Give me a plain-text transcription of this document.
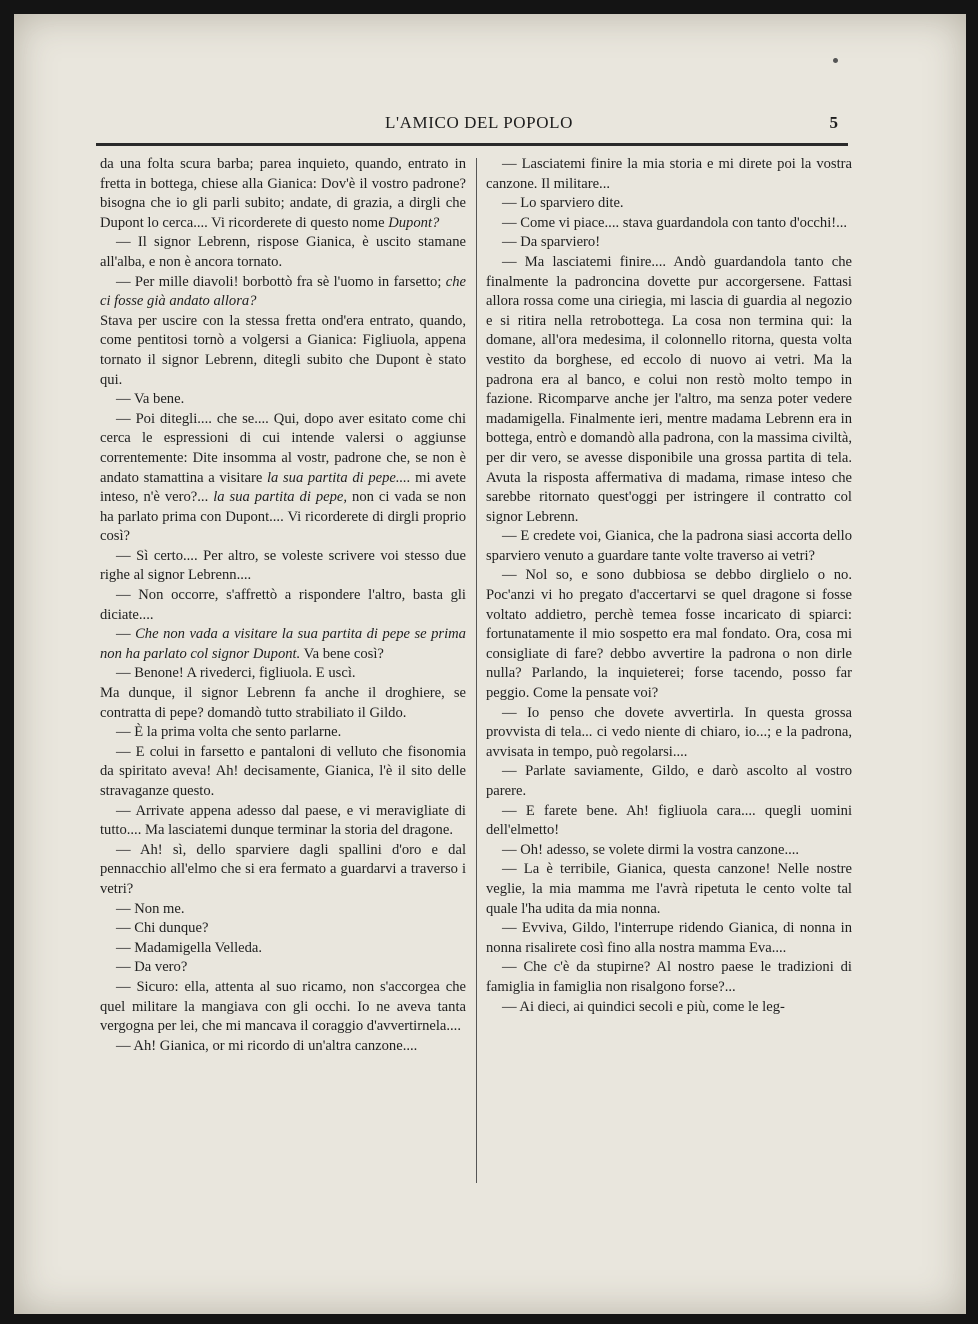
L'AMICO DEL POPOLO	5

da una folta scura barba; parea inquieto, quando, entrato in fretta in bottega, chiese alla Gianica: Dov'è il vostro padrone? bisogna che io gli parli subito; andate, di grazia, a dirgli che Dupont lo cerca.... Vi ricorderete di questo nome Dupont?

— Il signor Lebrenn, rispose Gianica, è uscito stamane all'alba, e non è ancora tornato.

— Per mille diavoli! borbottò fra sè l'uomo in farsetto; che ci fosse già andato allora?

Stava per uscire con la stessa fretta ond'era entrato, quando, come pentitosi tornò a volgersi a Gianica: Figliuola, appena tornato il signor Lebrenn, ditegli subito che Dupont è stato qui.

— Va bene.

— Poi ditegli.... che se.... Qui, dopo aver esitato come chi cerca le espressioni di cui intende valersi o aggiunse correntemente: Dite insomma al vostr, padrone che, se non è andato stamattina a visitare la sua partita di pepe.... mi avete inteso, n'è vero?... la sua partita di pepe, non ci vada se non ha parlato prima con Dupont.... Vi ricorderete di dirgli proprio così?

— Sì certo.... Per altro, se voleste scrivere voi stesso due righe al signor Lebrenn....

— Non occorre, s'affrettò a rispondere l'altro, basta gli diciate....

— Che non vada a visitare la sua partita di pepe se prima non ha parlato col signor Dupont. Va bene così?

— Benone! A rivederci, figliuola. E uscì.

Ma dunque, il signor Lebrenn fa anche il droghiere, se contratta di pepe? domandò tutto strabiliato il Gildo.

— È la prima volta che sento parlarne.

— E colui in farsetto e pantaloni di velluto che fisonomia da spiritato aveva! Ah! decisamente, Gianica, l'è il sito delle stravaganze questo.

— Arrivate appena adesso dal paese, e vi meravigliate di tutto.... Ma lasciatemi dunque terminar la storia del dragone.

— Ah! sì, dello sparviere dagli spallini d'oro e dal pennacchio all'elmo che si era fermato a guardarvi a traverso i vetri?

— Non me.

— Chi dunque?

— Madamigella Velleda.

— Da vero?

— Sicuro: ella, attenta al suo ricamo, non s'accorgea che quel militare la mangiava con gli occhi. Io ne aveva tanta vergogna per lei, che mi mancava il coraggio d'avvertirnela....

— Ah! Gianica, or mi ricordo di un'altra canzone....

— Lasciatemi finire la mia storia e mi direte poi la vostra canzone. Il militare...

— Lo sparviero dite.

— Come vi piace.... stava guardandola con tanto d'occhi!...

— Da sparviero!

— Ma lasciatemi finire.... Andò guardandola tanto che finalmente la padroncina dovette pur accorgersene. Fattasi allora rossa come una ciriegia, mi lascia di guardia al negozio e si ritira nella retrobottega. La cosa non termina qui: la domane, all'ora medesima, il colonnello ritorna, questa volta vestito da borghese, ed eccolo di nuovo ai vetri. Ma la padrona era al banco, e colui non restò molto tempo in fazione. Ricomparve anche jer l'altro, ma senza poter vedere madamigella. Finalmente ieri, mentre madama Lebrenn era in bottega, entrò e domandò alla padrona, con la massima civiltà, per dir vero, se avesse disponibile una grossa partita di tela. Avuta la risposta affermativa di madama, rimase inteso che sarebbe ritornato quest'oggi per istringere il contratto col signor Lebrenn.

— E credete voi, Gianica, che la padrona siasi accorta dello sparviero venuto a guardare tante volte traverso ai vetri?

— Nol so, e sono dubbiosa se debbo dirglielo o no. Poc'anzi vi ho pregato d'accertarvi se quel dragone si fosse voltato addietro, perchè temea fosse incaricato di spiarci: fortunatamente il mio sospetto era mal fondato. Ora, cosa mi consigliate di fare? debbo avvertire la padrona o non dirle nulla? Parlando, la inquieterei; forse tacendo, posso far peggio. Come la pensate voi?

— Io penso che dovete avvertirla. In questa grossa provvista di tela... ci vedo niente di chiaro, io...; e la padrona, avvisata in tempo, può regolarsi....

— Parlate saviamente, Gildo, e darò ascolto al vostro parere.

— E farete bene. Ah! figliuola cara.... quegli uomini dell'elmetto!

— Oh! adesso, se volete dirmi la vostra canzone....

— La è terribile, Gianica, questa canzone! Nelle nostre veglie, la mia mamma me l'avrà ripetuta le cento volte tal quale l'ha udita da mia nonna.

— Evviva, Gildo, l'interrupe ridendo Gianica, di nonna in nonna risalirete così fino alla nostra mamma Eva....

— Che c'è da stupirne? Al nostro paese le tradizioni di famiglia in famiglia non risalgono forse?...

— Ai dieci, ai quindici secoli e più, come le leg-
